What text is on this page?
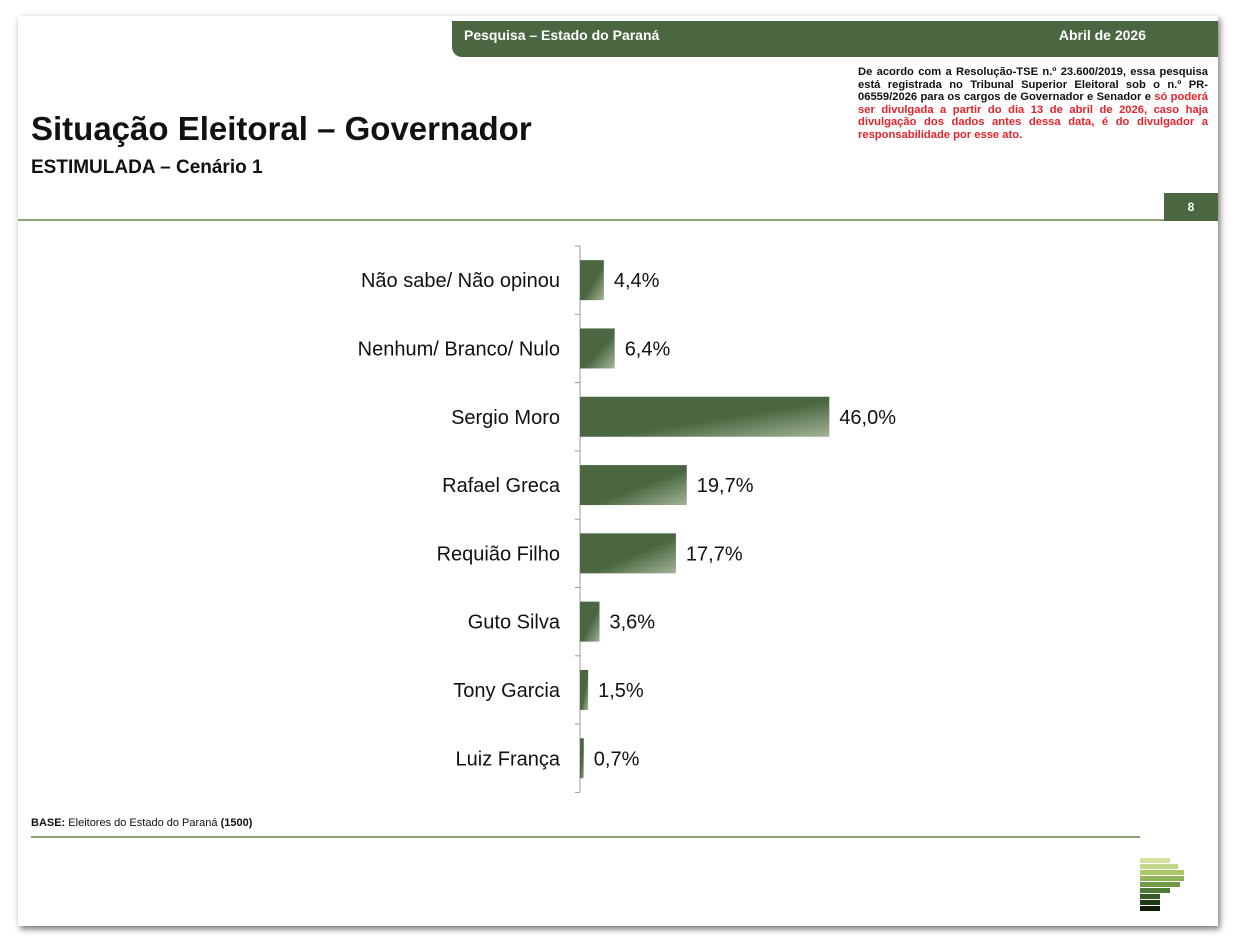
Pesquisa – Estado do Paraná	Abril de 2026
De acordo com a Resolução-TSE n.º 23.600/2019, essa pesquisa está registrada no Tribunal Superior Eleitoral sob o n.º PR-06559/2026 para os cargos de Governador e Senador e só poderá ser divulgada a partir do dia 13 de abril de 2026, caso haja divulgação dos dados antes dessa data, é do divulgador a responsabilidade por esse ato.
Situação Eleitoral – Governador
ESTIMULADA – Cenário 1
8
Não sabe/ Não opinou	4,4%
Nenhum/ Branco/ Nulo	6,4%
Sergio Moro	46,0%
Rafael Greca	19,7%
Requião Filho	17,7%
Guto Silva 3,6%
Tony Garcia 1,5%
Luiz França 0,7%
BASE: Eleitores do Estado do Paraná (1500)
